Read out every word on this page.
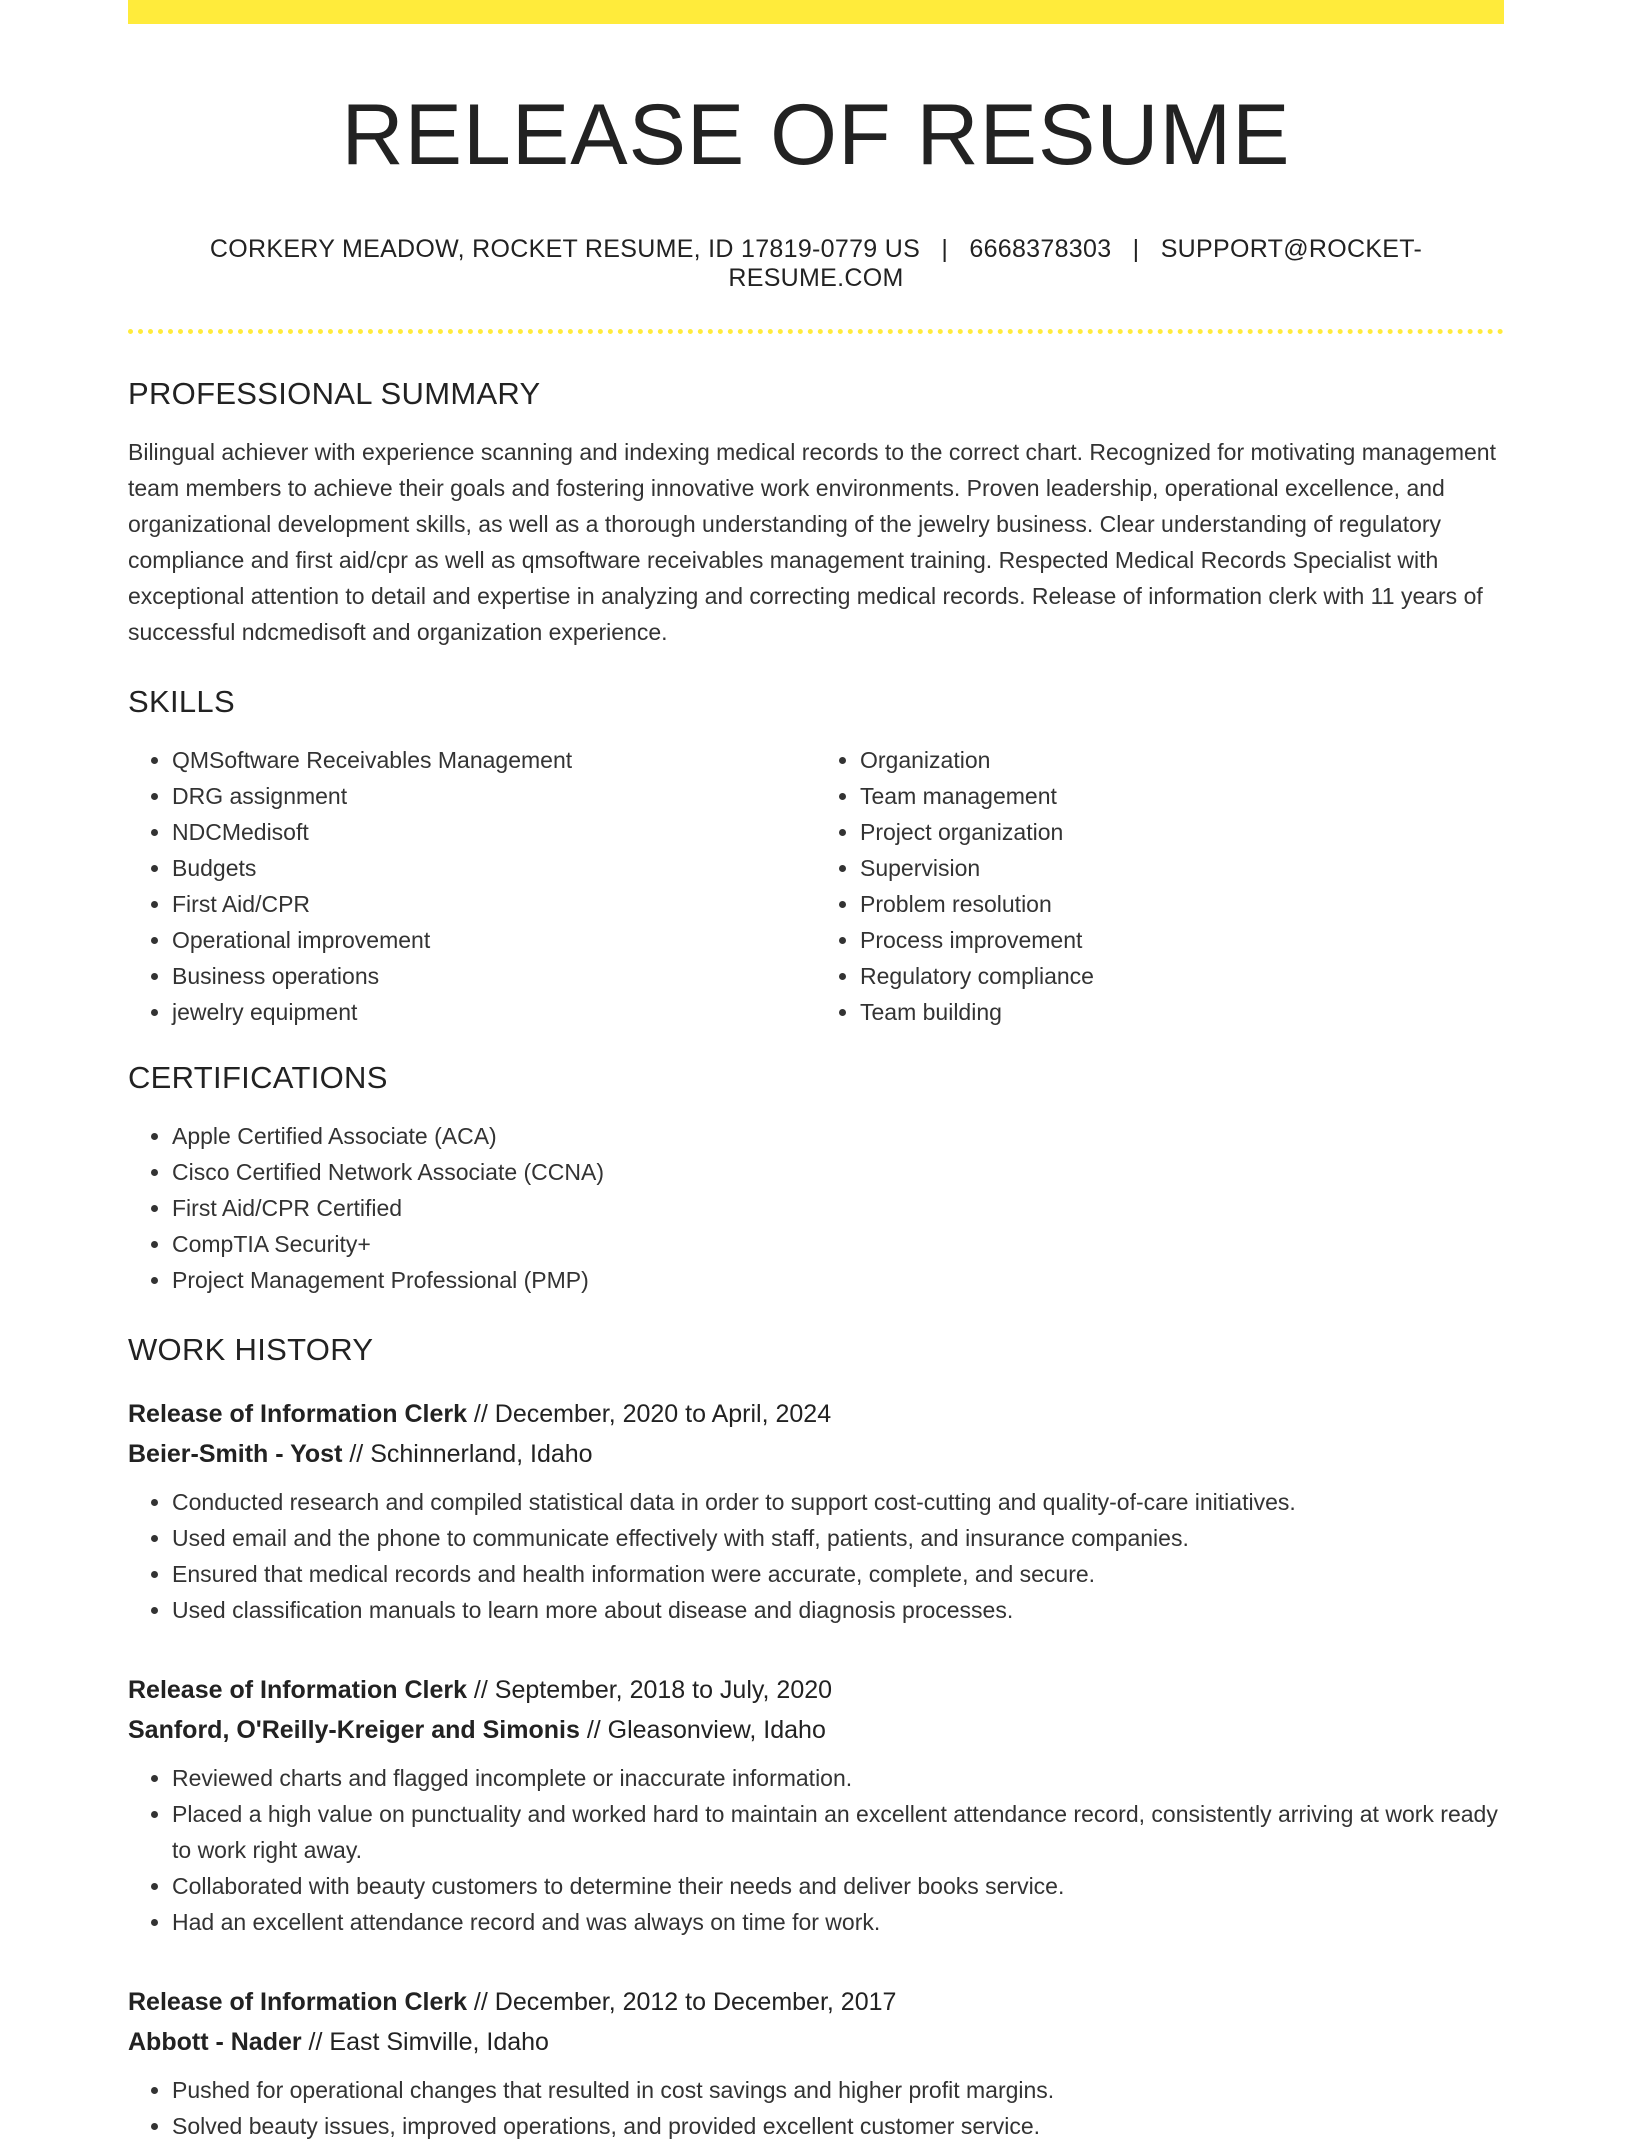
RELEASE OF RESUME
CORKERY MEADOW, ROCKET RESUME, ID 17819-0779 US | 6668378303 | SUPPORT@ROCKET-RESUME.COM
PROFESSIONAL SUMMARY

Bilingual achiever with experience scanning and indexing medical records to the correct chart. Recognized for motivating management team members to achieve their goals and fostering innovative work environments. Proven leadership, operational excellence, and organizational development skills, as well as a thorough understanding of the jewelry business. Clear understanding of regulatory compliance and first aid/cpr as well as qmsoftware receivables management training. Respected Medical Records Specialist with exceptional attention to detail and expertise in analyzing and correcting medical records. Release of information clerk with 11 years of successful ndcmedisoft and organization experience.

SKILLS
• QMSoftware Receivables Management
• DRG assignment
• NDCMedisoft
• Budgets
• First Aid/CPR
• Operational improvement
• Business operations
• jewelry equipment
• Organization
• Team management
• Project organization
• Supervision
• Problem resolution
• Process improvement
• Regulatory compliance
• Team building
CERTIFICATIONS
• Apple Certified Associate (ACA)
• Cisco Certified Network Associate (CCNA)
• First Aid/CPR Certified
• CompTIA Security+
• Project Management Professional (PMP)
WORK HISTORY
Release of Information Clerk // December, 2020 to April, 2024
Beier-Smith - Yost // Schinnerland, Idaho
• Conducted research and compiled statistical data in order to support cost-cutting and quality-of-care initiatives.
• Used email and the phone to communicate effectively with staff, patients, and insurance companies.
• Ensured that medical records and health information were accurate, complete, and secure.
• Used classification manuals to learn more about disease and diagnosis processes.
Release of Information Clerk // September, 2018 to July, 2020
Sanford, O'Reilly-Kreiger and Simonis // Gleasonview, Idaho
• Reviewed charts and flagged incomplete or inaccurate information.
• Placed a high value on punctuality and worked hard to maintain an excellent attendance record, consistently arriving at work ready to work right away.
• Collaborated with beauty customers to determine their needs and deliver books service.
• Had an excellent attendance record and was always on time for work.
Release of Information Clerk // December, 2012 to December, 2017
Abbott - Nader // East Simville, Idaho
• Pushed for operational changes that resulted in cost savings and higher profit margins.
• Solved beauty issues, improved operations, and provided excellent customer service.
